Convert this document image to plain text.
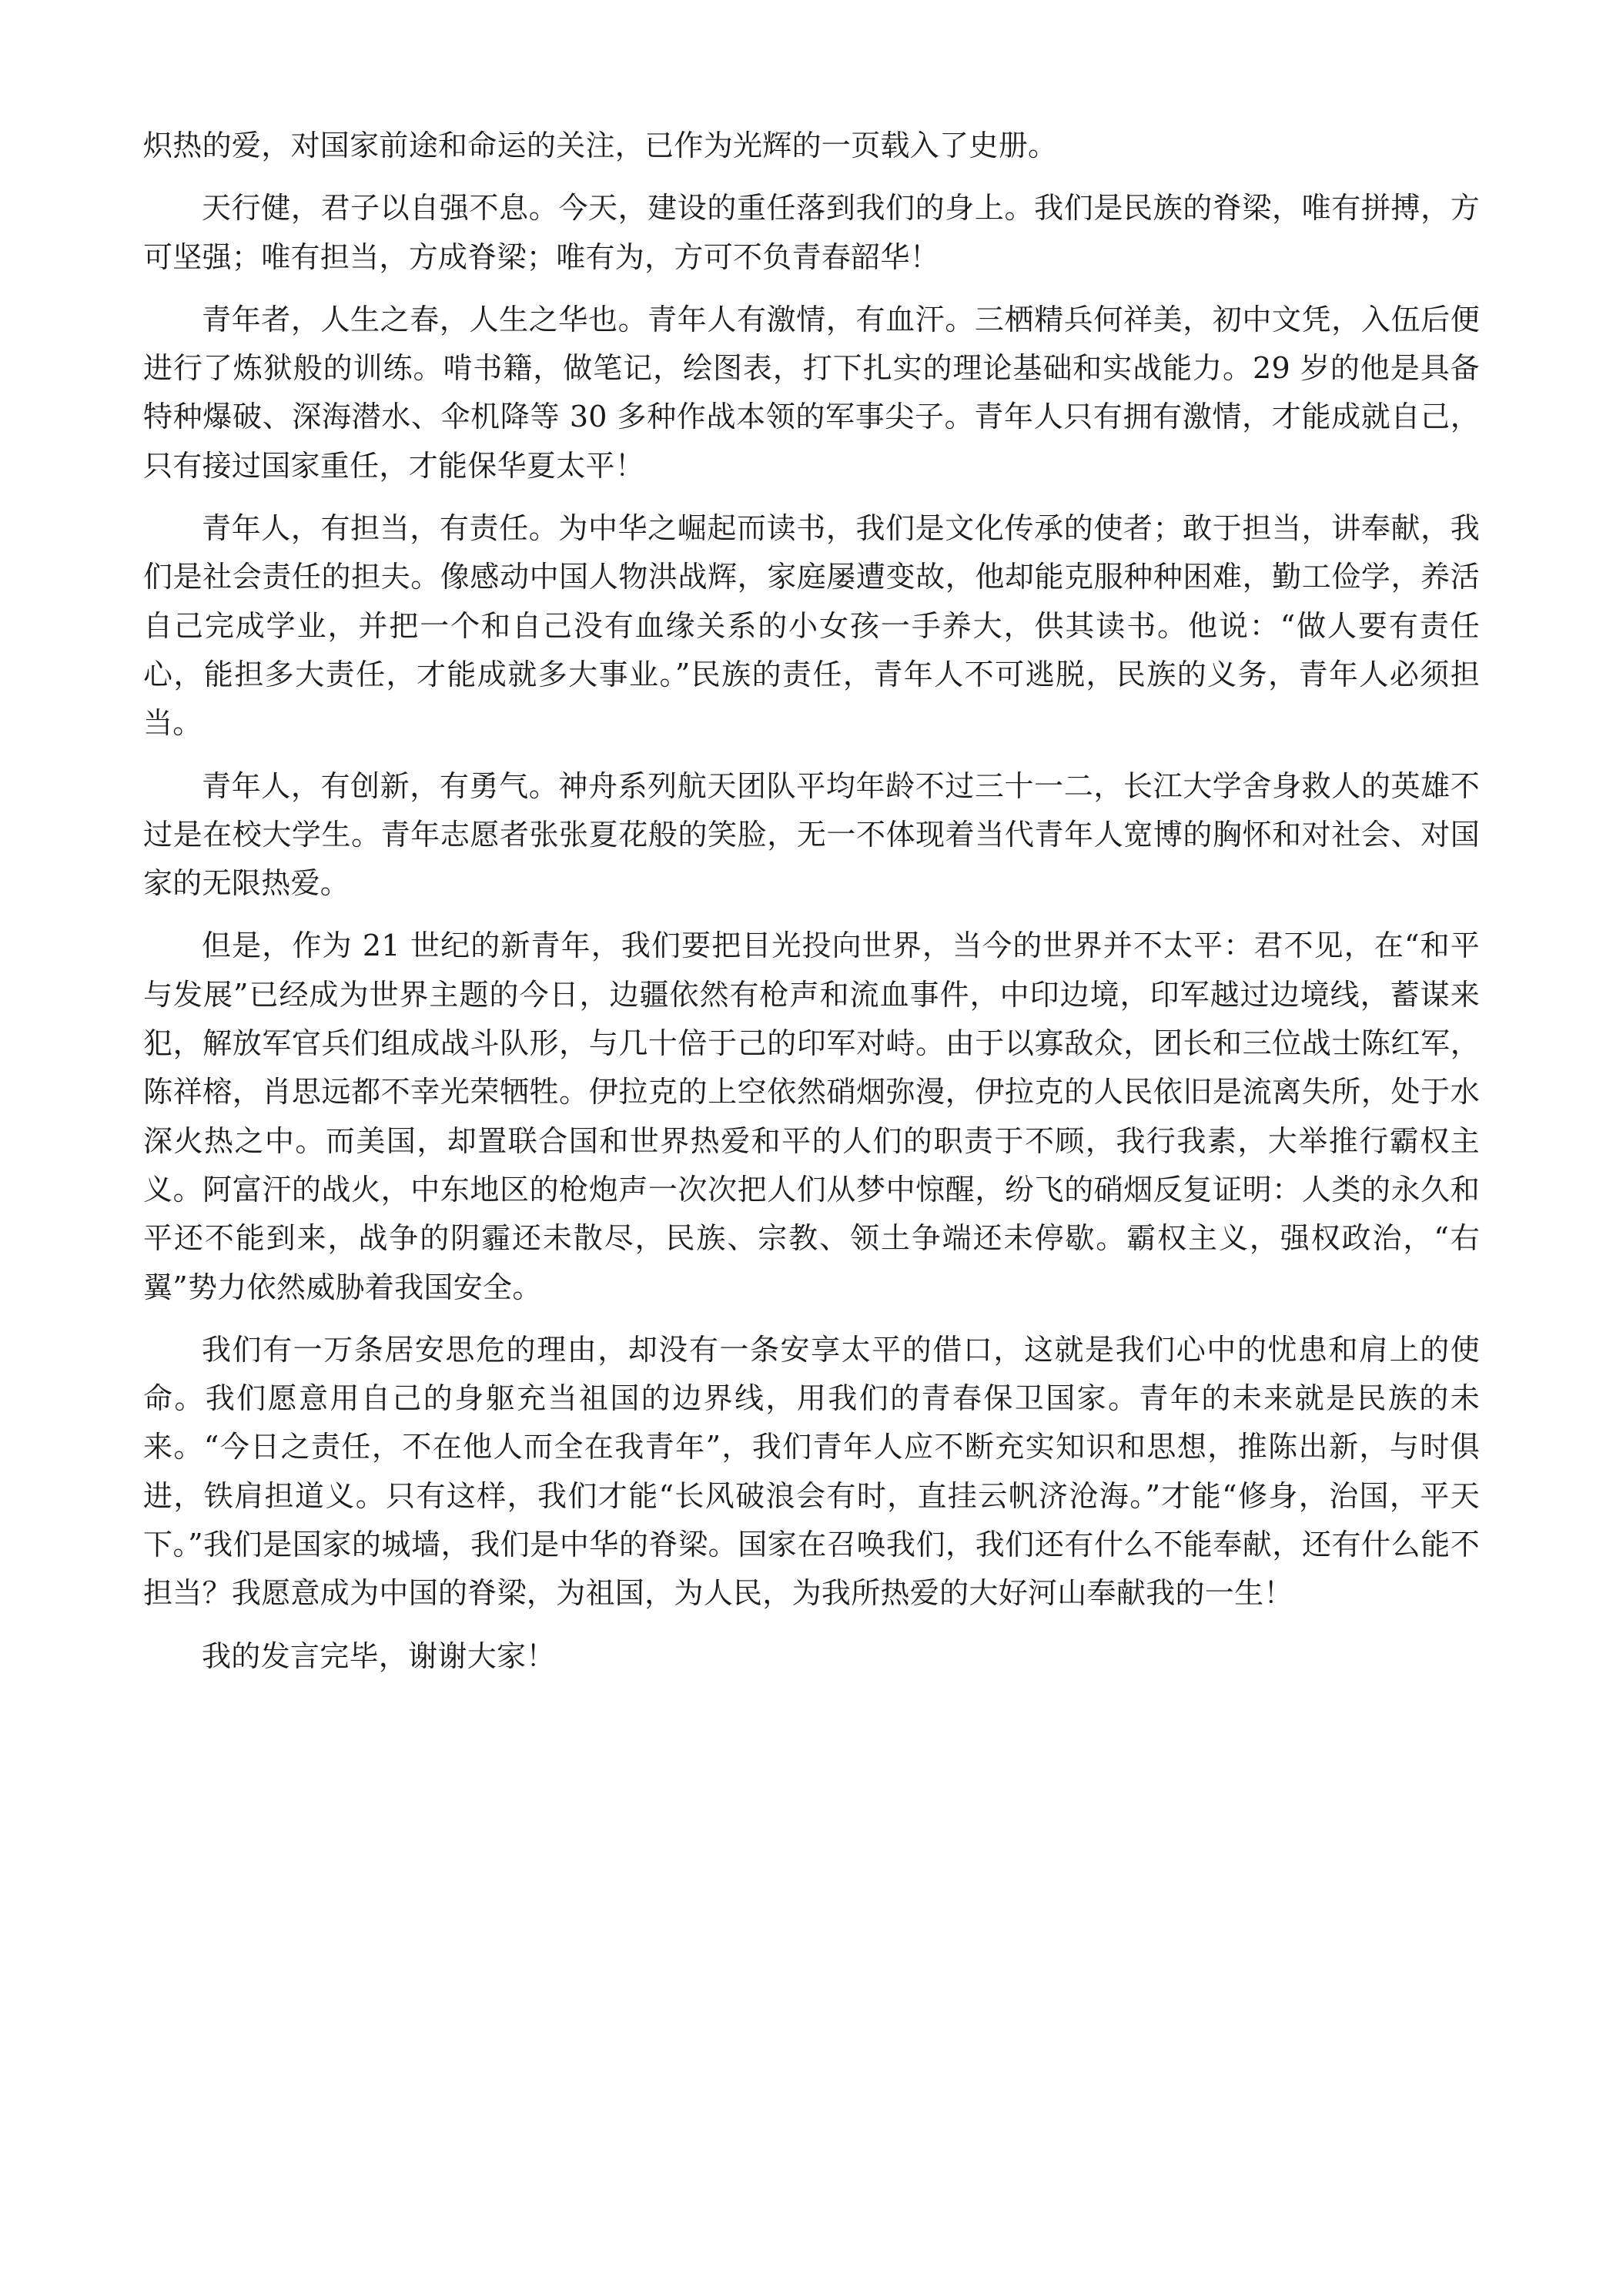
炽热的爱，对国家前途和命运的关注，已作为光辉的一页载入了史册。

天行健，君子以自强不息。今天，建设的重任落到我们的身上。我们是民族的脊梁，唯有拼搏，方可坚强；唯有担当，方成脊梁；唯有为，方可不负青春韶华！

青年者，人生之春，人生之华也。青年人有激情，有血汗。三栖精兵何祥美，初中文凭，入伍后便进行了炼狱般的训练。啃书籍，做笔记，绘图表，打下扎实的理论基础和实战能力。29 岁的他是具备特种爆破、深海潜水、伞机降等 30 多种作战本领的军事尖子。青年人只有拥有激情，才能成就自己，只有接过国家重任，才能保华夏太平！

青年人，有担当，有责任。为中华之崛起而读书，我们是文化传承的使者；敢于担当，讲奉献，我们是社会责任的担夫。像感动中国人物洪战辉，家庭屡遭变故，他却能克服种种困难，勤工俭学，养活自己完成学业，并把一个和自己没有血缘关系的小女孩一手养大，供其读书。他说：“做人要有责任心，能担多大责任，才能成就多大事业。”民族的责任，青年人不可逃脱，民族的义务，青年人必须担当。

青年人，有创新，有勇气。神舟系列航天团队平均年龄不过三十一二，长江大学舍身救人的英雄不过是在校大学生。青年志愿者张张夏花般的笑脸，无一不体现着当代青年人宽博的胸怀和对社会、对国家的无限热爱。

但是，作为 21 世纪的新青年，我们要把目光投向世界，当今的世界并不太平：君不见，在“和平与发展”已经成为世界主题的今日，边疆依然有枪声和流血事件，中印边境，印军越过边境线，蓄谋来犯，解放军官兵们组成战斗队形，与几十倍于己的印军对峙。由于以寡敌众，团长和三位战士陈红军，陈祥榕，肖思远都不幸光荣牺牲。伊拉克的上空依然硝烟弥漫，伊拉克的人民依旧是流离失所，处于水深火热之中。而美国，却置联合国和世界热爱和平的人们的职责于不顾，我行我素，大举推行霸权主义。阿富汗的战火，中东地区的枪炮声一次次把人们从梦中惊醒，纷飞的硝烟反复证明：人类的永久和平还不能到来，战争的阴霾还未散尽，民族、宗教、领土争端还未停歇。霸权主义，强权政治，“右翼”势力依然威胁着我国安全。

我们有一万条居安思危的理由，却没有一条安享太平的借口，这就是我们心中的忧患和肩上的使命。我们愿意用自己的身躯充当祖国的边界线，用我们的青春保卫国家。青年的未来就是民族的未来。“今日之责任，不在他人而全在我青年”，我们青年人应不断充实知识和思想，推陈出新，与时俱进，铁肩担道义。只有这样，我们才能“长风破浪会有时，直挂云帆济沧海。”才能“修身，治国，平天下。”我们是国家的城墙，我们是中华的脊梁。国家在召唤我们，我们还有什么不能奉献，还有什么能不担当？我愿意成为中国的脊梁，为祖国，为人民，为我所热爱的大好河山奉献我的一生！

我的发言完毕，谢谢大家！
